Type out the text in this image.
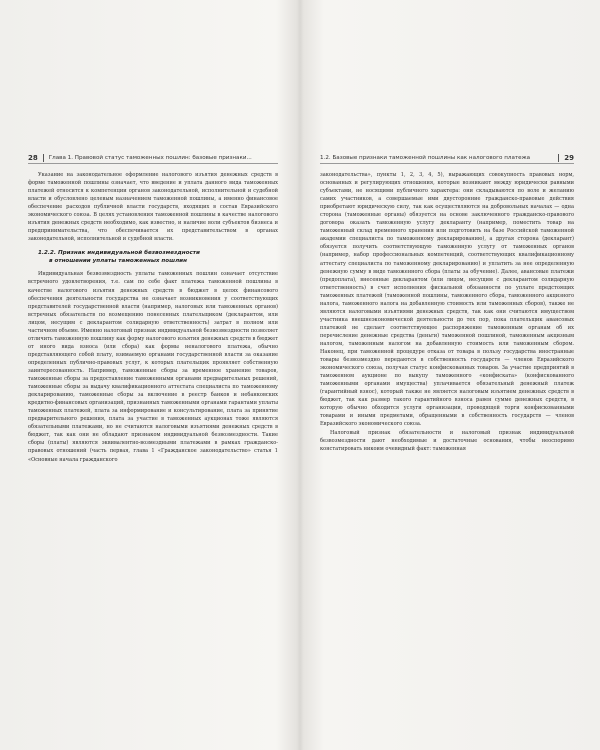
28 Глава 1. Правовой статус таможенных пошлин: базовые признаки...

Указание на законодательное оформление налогового изъятия денежных средств в форме таможенной пошлины означает, что введение и уплата данного вида таможенных платежей относится к компетенции органов законодательной, исполнительной и судебной власти и обусловлено целевым назначением таможенной пошлины, а именно финансовое обеспечение расходов публичной власти государств, входящих в состав Евразийского экономического союза. В целях установления таможенной пошлины в качестве налогового изъятия денежных средств необходимо, как известно, и наличие воли субъектов бизнеса и предпринимательства, что обеспечивается их представительством в органах законодательной, исполнительной и судебной власти.

1.2.2. Признак индивидуальной безвозмездности
в отношении уплаты таможенных пошлин

Индивидуальная безвозмездность уплаты таможенных пошлин означает отсутствие встречного удовлетворения, т.е. сам по себе факт платежа таможенной пошлины в качестве налогового изъятия денежных средств в бюджет в целях финансового обеспечения деятельности государства не означает возникновения у соответствующих представителей государственной власти (например, налоговых или таможенных органов) встречных обязательств по возмещению понесенных плательщиком (декларантом, или лицом, несущим с декларантом солидарную ответственность) затрат в полном или частичном объеме. Именно налоговый признак индивидуальной безвозмездности позволяет отличить таможенную пошлину как форму налогового изъятия денежных средств в бюджет от иного вида взноса (или сбора) как формы неналогового платежа, обычно представляющего собой плату, взимаемую органами государственной власти за оказание определенных публично-правовых услуг, к которых плательщик проявляет собственную заинтересованность. Например, таможенные сборы за временное хранение товаров, таможенные сборы за предоставление таможенными органами предварительных решений, таможенные сборы за выдачу квалификационного аттестата специалиста по таможенному декларированию, таможенные сборы за включение в реестр банков и небанковских кредитно-финансовых организаций, признанных таможенными органами гарантами уплаты таможенных платежей, плата за информирование и консультирование, плата за принятие предварительного решения, плата за участие в таможенных аукционах тоже являются обязательными платежами, но не считаются налоговыми изъятиями денежных средств в бюджет, так как они не обладают признаком индивидуальной безвозмездности. Такие сборы (платы) являются эквивалентно-возмездными платежами в рамках гражданско-правовых отношений (часть первая, глава 1 «Гражданское законодательство» статья 1 «Основные начала гражданского

1.2. Базовые признаки таможенной пошлины как налогового платежа	29

законодательства», пункты 1, 2, 3, 4, 5), выражающих совокупность правовых норм, основанных и регулирующих отношения, которые возникают между юридически равными субъектами, не носящими публичного характера: они складываются по воле и желанию самих участников, а совершаемые ими двусторонние гражданско-правовые действия приобретают юридическую силу, так как осуществляются на добровольных началах — одна сторона (таможенные органы) обязуется на основе заключенного гражданско-правового договора оказать таможенную услугу декларанту (например, поместить товар на таможенный склад временного хранения или подготовить на базе Российской таможенной академии специалиста по таможенному декларированию), а другая сторона (декларант) обязуется получить соответствующую таможенную услугу от таможенных органов (например, набор профессиональных компетенций, соответствующих квалификационному аттестату специалиста по таможенному декларированию) и уплатить за нее определенную денежную сумму в виде таможенного сбора (платы за обучение). Далее, авансовые платежи (предоплата), внесенные декларантом (или лицом, несущим с декларантом солидарную ответственность) в счет исполнения фискальной обязанности по уплате предстоящих таможенных платежей (таможенной пошлины, таможенного сбора, таможенного акцизного налога, таможенного налога на добавленную стоимость или таможенных сборов), также не являются налоговыми изъятиями денежных средств, так как они считаются имуществом участника внешнеэкономической деятельности до тех пор, пока плательщик авансовых платежей не сделает соответствующее распоряжение таможенным органам об их перечисление денежные средства (деньги) таможенной пошлиной, таможенным акцизным налогом, таможенным налогом на добавленную стоимость или таможенным сбором. Наконец, при таможенной процедуре отказа от товара в пользу государства иностранные товары безвозмездно передаются в собственность государств — членов Евразийского экономического союза, получая статус конфискованных товаров. За участие предприятий в таможенном аукционе по выкупу таможенного «конфиската» (конфискованного таможенными органами имущества) уплачивается обязательный денежный платеж (гарантийный взнос), который также не является налоговым изъятием денежных средств в бюджет, так как размер такого гарантийного взноса равен сумме денежных средств, в которую обычно обходится услуги организации, проводящей торги конфискованными товарами и иными предметами, обращенными в собственность государств — членов Евразийского экономического союза.

Налоговый признак обязательности и налоговый признак индивидуальной безвозмездности дают необходимые и достаточные основания, чтобы неоспоримо констатировать никоим очевидный факт: таможенная
